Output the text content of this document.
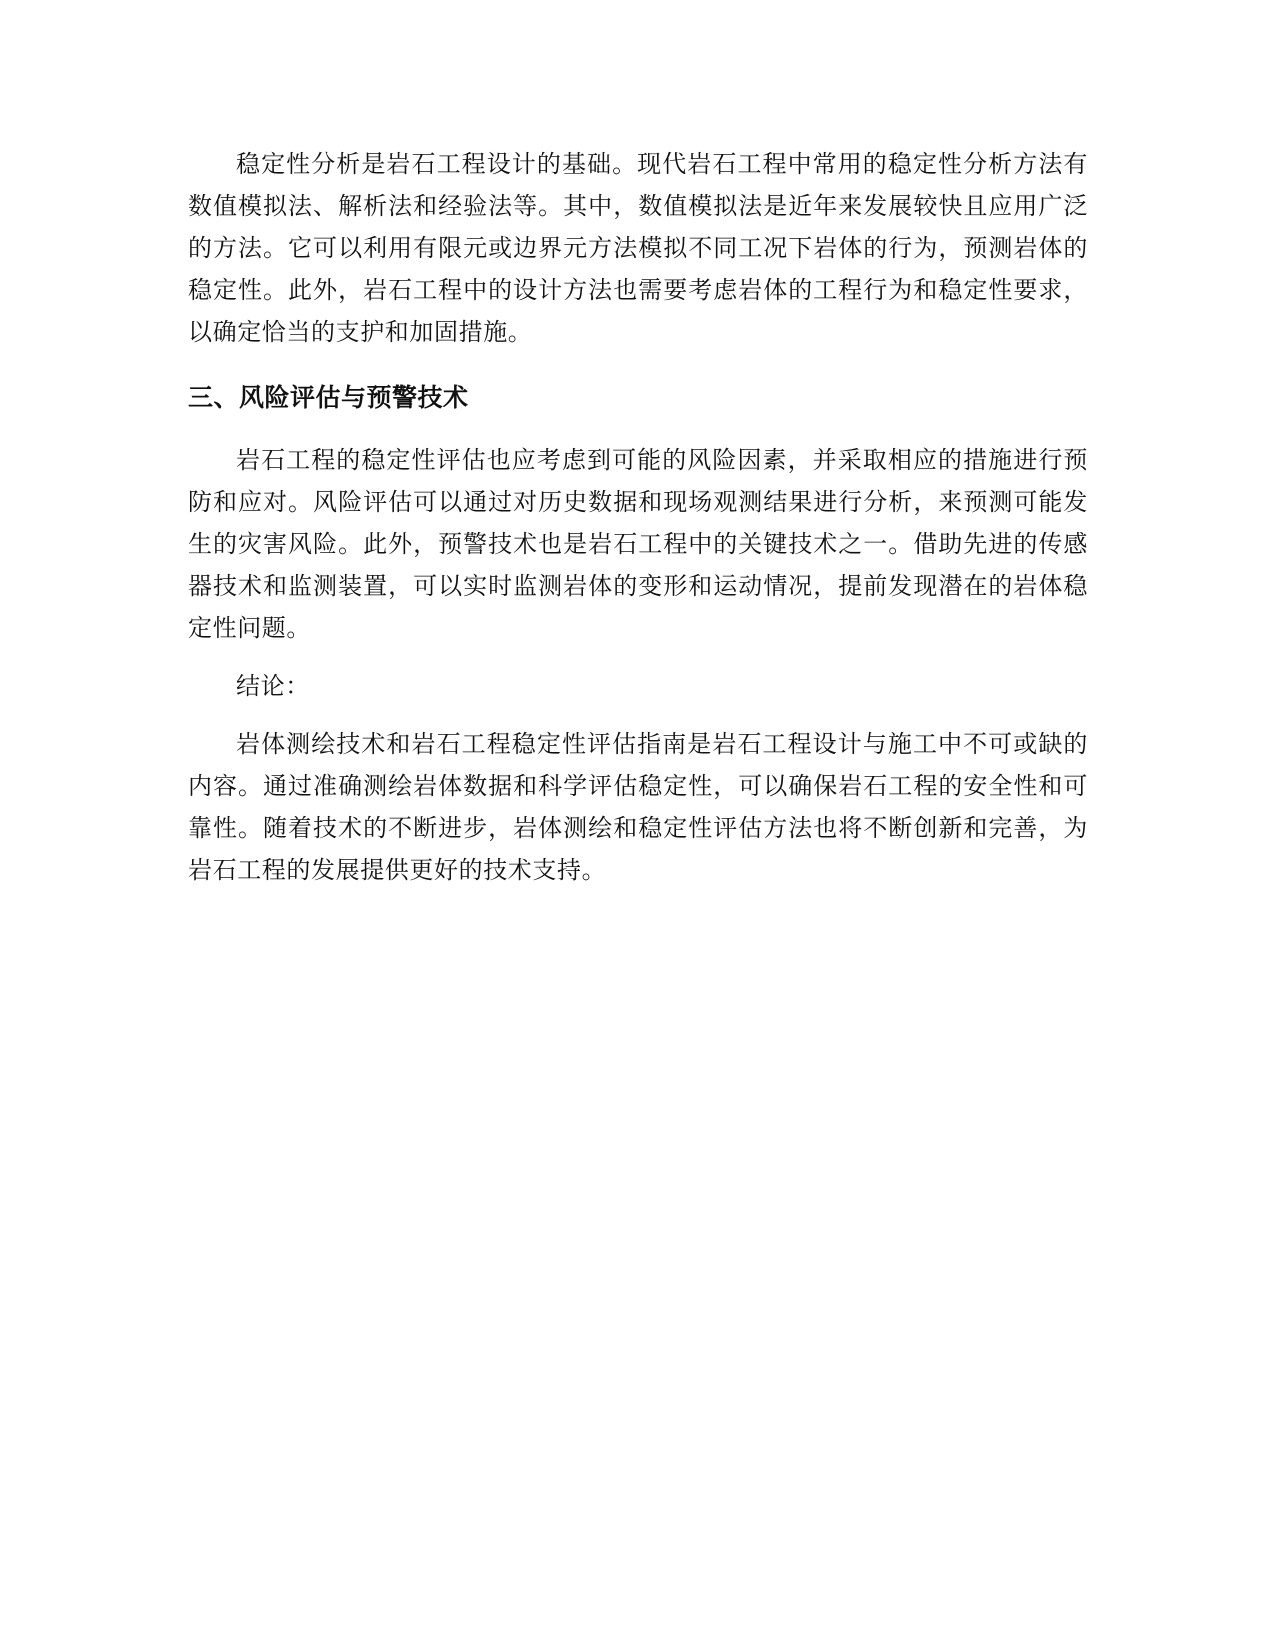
稳定性分析是岩石工程设计的基础。现代岩石工程中常用的稳定性分析方法有数值模拟法、解析法和经验法等。其中，数值模拟法是近年来发展较快且应用广泛的方法。它可以利用有限元或边界元方法模拟不同工况下岩体的行为，预测岩体的稳定性。此外，岩石工程中的设计方法也需要考虑岩体的工程行为和稳定性要求，以确定恰当的支护和加固措施。

三、风险评估与预警技术

岩石工程的稳定性评估也应考虑到可能的风险因素，并采取相应的措施进行预防和应对。风险评估可以通过对历史数据和现场观测结果进行分析，来预测可能发生的灾害风险。此外，预警技术也是岩石工程中的关键技术之一。借助先进的传感器技术和监测装置，可以实时监测岩体的变形和运动情况，提前发现潜在的岩体稳定性问题。

结论：

岩体测绘技术和岩石工程稳定性评估指南是岩石工程设计与施工中不可或缺的内容。通过准确测绘岩体数据和科学评估稳定性，可以确保岩石工程的安全性和可靠性。随着技术的不断进步，岩体测绘和稳定性评估方法也将不断创新和完善，为岩石工程的发展提供更好的技术支持。
